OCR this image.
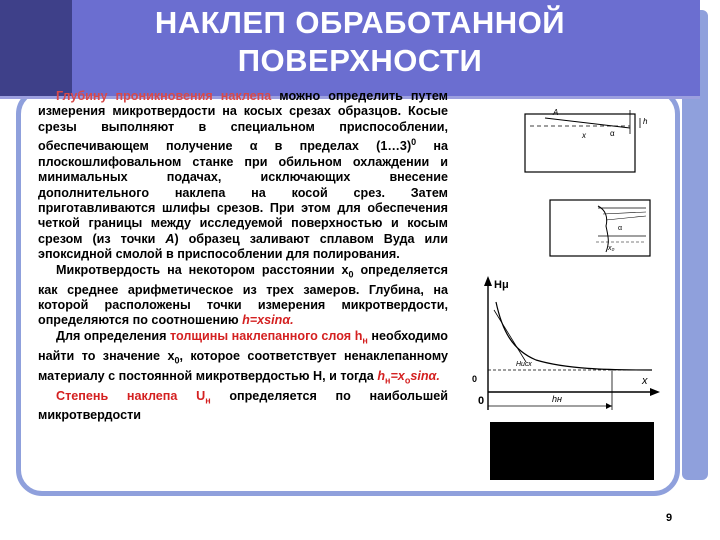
НАКЛЕП ОБРАБОТАННОЙ ПОВЕРХНОСТИ

Глубину проникновения наклепа можно определить путем измерения микротвердости на косых срезах образцов. Косые срезы выполняют в специальном приспособлении, обеспечивающем получение α в пределах (1…3)$^0$ на плоскошлифовальном станке при обильном охлаждении и минимальных подачах, исключающих внесение дополнительного наклепа на косой срез. Затем приготавливаются шлифы срезов. При этом для обеспечения четкой границы между исследуемой поверхностью и косым срезом (из точки А) образец заливают сплавом Вуда или эпоксидной смолой в приспособлении для полирования.

Микротвердость на некотором расстоянии $x_0$ определяется как среднее арифметическое из трех замеров. Глубина, на которой расположены точки измерения микротвердости, определяются по соотношению h=xsinα.

Для определения толщины наклепанного слоя $h_н$ необходимо найти то значение $x_0$, которое соответствует ненаклепанному материалу с постоянной микротвердостью H, и тогда $h_н=x_о\sin\alpha$.

Степень наклепа $U_н$ определяется по наибольшей микротвердости

A
h
x	α
x₀
α
Hμ
x
0
Hисх
hн
0
9
